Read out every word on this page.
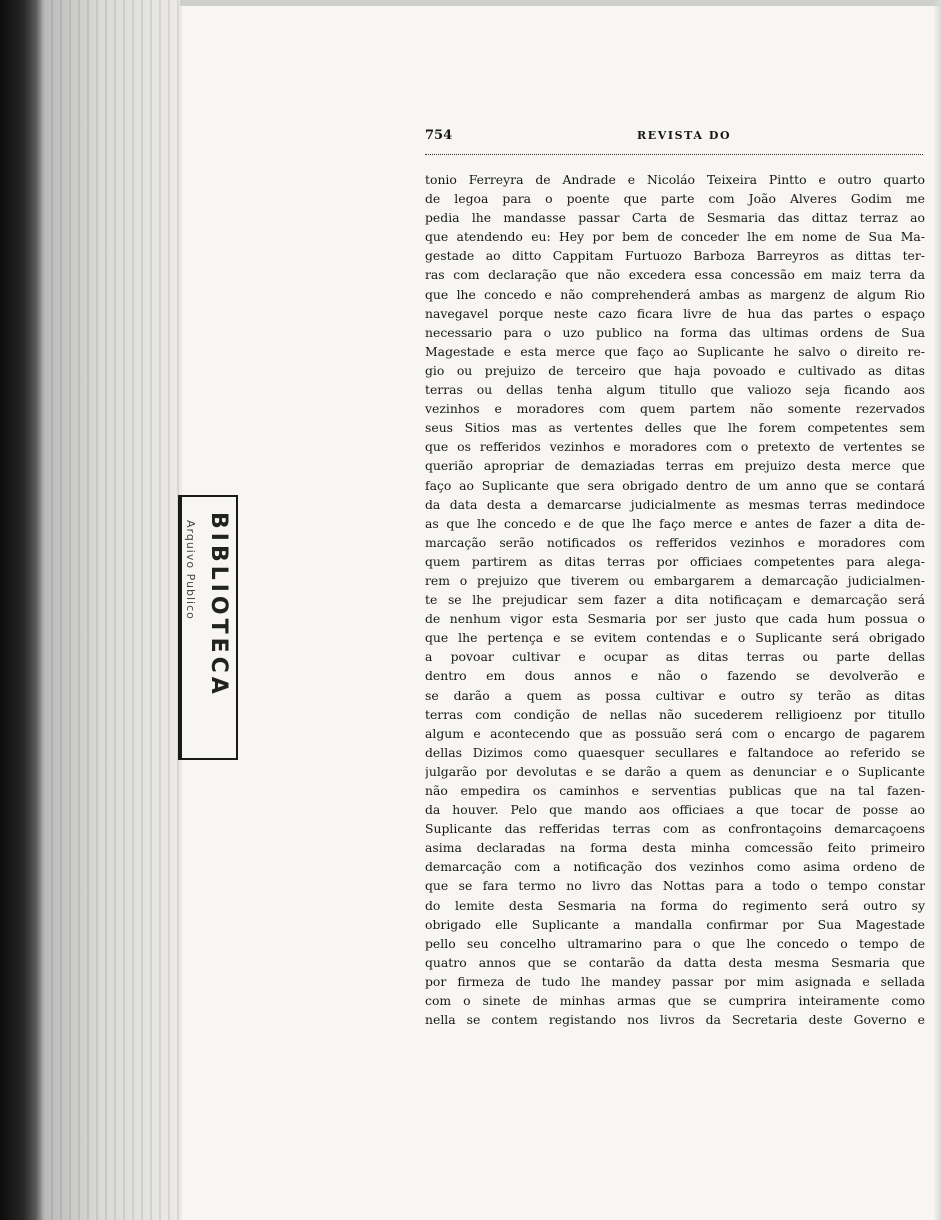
BIBLIOTECA
Arquivo Publico
754	REVISTA DO
tonio Ferreyra de Andrade e Nicoláo Teixeira Pintto e outro quarto
de legoa para o poente que parte com João Alveres Godim me
pedia lhe mandasse passar Carta de Sesmaria das dittaz terraz ao
que atendendo eu: Hey por bem de conceder lhe em nome de Sua Ma-
gestade ao ditto Cappitam Furtuozo Barboza Barreyros as dittas ter-
ras com declaração que não excedera essa concessão em maiz terra da
que lhe concedo e não comprehenderá ambas as margenz de algum Rio
navegavel porque neste cazo ficara livre de hua das partes o espaço
necessario para o uzo publico na forma das ultimas ordens de Sua
Magestade e esta merce que faço ao Suplicante he salvo o direito re-
gio ou prejuizo de terceiro que haja povoado e cultivado as ditas
terras ou dellas tenha algum titullo que valiozo seja ficando aos
vezinhos e moradores com quem partem não somente rezervados
seus Sitios mas as vertentes delles que lhe forem competentes sem
que os refferidos vezinhos e moradores com o pretexto de vertentes se
querião apropriar de demaziadas terras em prejuizo desta merce que
faço ao Suplicante que sera obrigado dentro de um anno que se contará
da data desta a demarcarse judicialmente as mesmas terras medindoce
as que lhe concedo e de que lhe faço merce e antes de fazer a dita de-
marcação serão notificados os refferidos vezinhos e moradores com
quem partirem as ditas terras por officiaes competentes para alega-
rem o prejuizo que tiverem ou embargarem a demarcação judicialmen-
te se lhe prejudicar sem fazer a dita notificaçam e demarcação será
de nenhum vigor esta Sesmaria por ser justo que cada hum possua o
que lhe pertença e se evitem contendas e o Suplicante será obrigado
a povoar cultivar e ocupar as ditas terras ou parte dellas
dentro em dous annos e não o fazendo se devolverão e
se darão a quem as possa cultivar e outro sy terão as ditas
terras com condição de nellas não sucederem relligioenz por titullo
algum e acontecendo que as possuão será com o encargo de pagarem
dellas Dizimos como quaesquer secullares e faltandoce ao referido se
julgarão por devolutas e se darão a quem as denunciar e o Suplicante
não empedira os caminhos e serventias publicas que na tal fazen-
da houver. Pelo que mando aos officiaes a que tocar de posse ao
Suplicante das refferidas terras com as confrontaçoins demarcaçoens
asima declaradas na forma desta minha comcessão feito primeiro
demarcação com a notificação dos vezinhos como asima ordeno de
que se fara termo no livro das Nottas para a todo o tempo constar
do lemite desta Sesmaria na forma do regimento será outro sy
obrigado elle Suplicante a mandalla confirmar por Sua Magestade
pello seu concelho ultramarino para o que lhe concedo o tempo de
quatro annos que se contarão da datta desta mesma Sesmaria que
por firmeza de tudo lhe mandey passar por mim asignada e sellada
com o sinete de minhas armas que se cumprira inteiramente como
nella se contem registando nos livros da Secretaria deste Governo e
